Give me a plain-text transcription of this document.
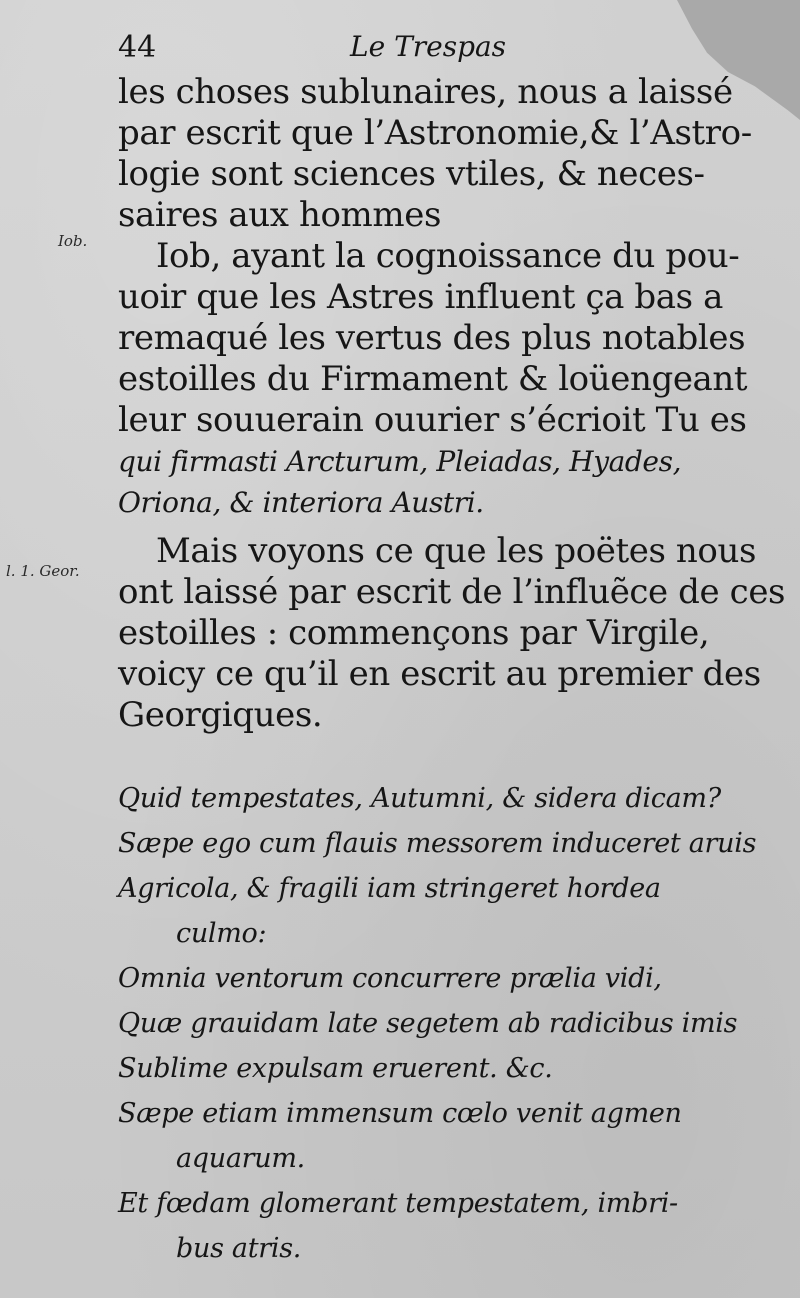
44	Le Trespas
Iob.
l. 1. Geor.
les choses sublunaires, nous a laissé
par escrit que l’Astronomie,& l’Astro-
logie sont sciences vtiles, & neces-
saires aux hommes
Iob, ayant la cognoissance du pou-
uoir que les Astres influent ça bas a
remaqué les vertus des plus notables
estoilles du Firmament & loüengeant
leur souuerain ouurier s’écrioit Tu es
qui firmasti Arcturum, Pleiadas, Hyades,
Oriona, & interiora Austri.
Mais voyons ce que les poëtes nous
ont laissé par escrit de l’influẽce de ces
estoilles : commençons par Virgile,
voicy ce qu’il en escrit au premier des
Georgiques.
Quid tempestates, Autumni, & sidera dicam?
Sæpe ego cum flauis messorem induceret aruis
Agricola, & fragili iam stringeret hordea
culmo:
Omnia ventorum concurrere prælia vidi,
Quæ grauidam late segetem ab radicibus imis
Sublime expulsam eruerent. &c.
Sæpe etiam immensum cœlo venit agmen
aquarum.
Et fœdam glomerant tempestatem, imbri-
bus atris.
